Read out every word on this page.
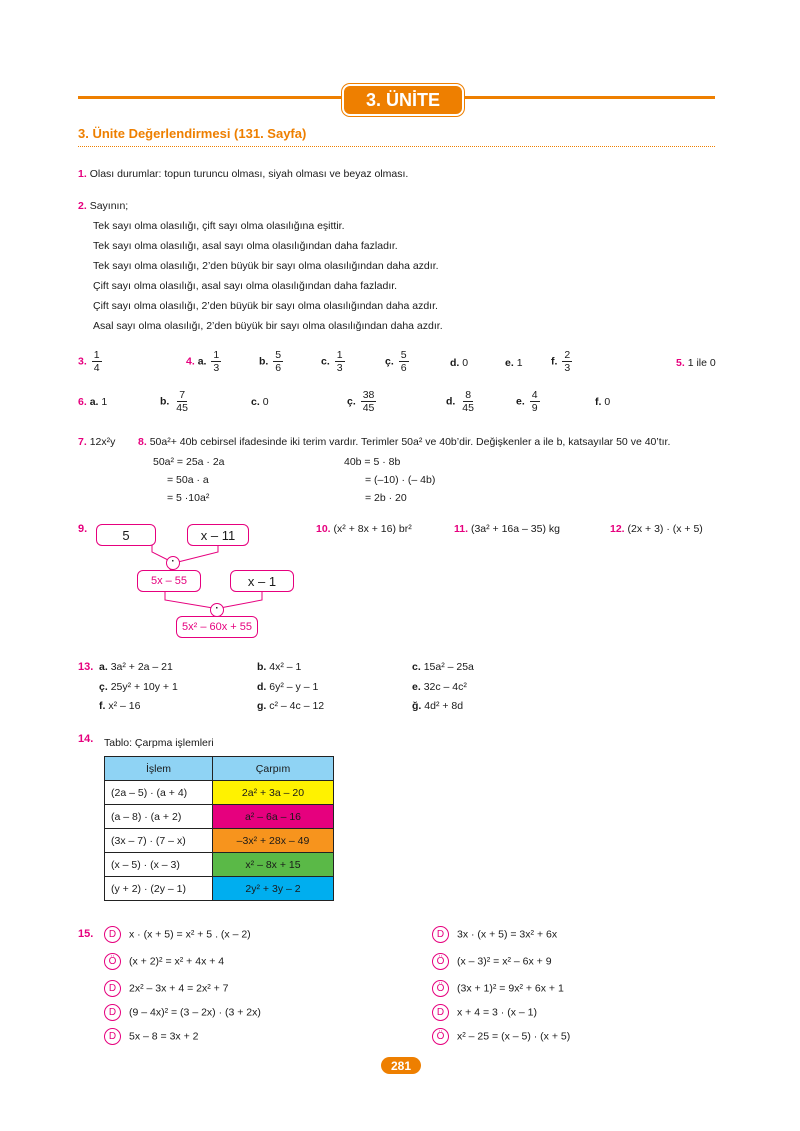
3. ÜNİTE
3. Ünite Değerlendirmesi (131. Sayfa)
1. Olası durumlar: topun turuncu olması, siyah olması ve beyaz olması.
2. Sayının;
Tek sayı olma olasılığı, çift sayı olma olasılığına eşittir.
Tek sayı olma olasılığı, asal sayı olma olasılığından daha fazladır.
Tek sayı olma olasılığı, 2’den büyük bir sayı olma olasılığından daha azdır.
Çift sayı olma olasılığı, asal sayı olma olasılığından daha fazladır.
Çift sayı olma olasılığı, 2’den büyük bir sayı olma olasılığından daha azdır.
Asal sayı olma olasılığı, 2’den büyük bir sayı olma olasılığından daha azdır.
3. $\frac{1}{4}$	4. a. $\frac{1}{3}$	b. $\frac{5}{6}$	c. $\frac{1}{3}$	ç. $\frac{5}{6}$	d. 0	e. 1	f. $\frac{2}{3}$	5. 1 ile 0
6. a. 1	b. $\frac{7}{45}$	c. 0	ç. $\frac{38}{45}$	d. $\frac{8}{45}$	e. $\frac{4}{9}$	f. 0
7. 12x²y 8. 50a²+ 40b cebirsel ifadesinde iki terim vardır. Terimler 50a² ve 40b’dir. Değişkenler a ile b, katsayılar 50 ve 40’tır.
50a² = 25a · 2a
= 50a · a
= 5 ·10a²
40b = 5 · 8b
= (–10) · (– 4b)
= 2b · 20
9.	5	x – 11
·
5x – 55	x – 1
·
5x² – 60x + 55
10. (x² + 8x + 16) br²	11. (3a² + 16a – 35) kg	12. (2x + 3) · (x + 5)
13. a. 3a² + 2a – 21	b. 4x² – 1	c. 15a² – 25a
ç. 25y² + 10y + 1	d. 6y² – y – 1	e. 32c – 4c²
f. x² – 16	g. c² – 4c – 12	ğ. 4d² + 8d
14. Tablo: Çarpma işlemleri
İşlem	Çarpım
(2a – 5) · (a + 4)	2a² + 3a – 20
(a – 8) · (a + 2)	a² – 6a – 16
(3x – 7) · (7 – x)	–3x² + 28x – 49
(x – 5) · (x – 3)	x² – 8x + 15
(y + 2) · (2y – 1)	2y² + 3y – 2
15.	D x · (x + 5) = x² + 5 . (x – 2)
Ö (x + 2)² = x² + 4x + 4
D 2x² – 3x + 4 = 2x² + 7
D (9 – 4x)² = (3 – 2x) · (3 + 2x)
D 5x – 8 = 3x + 2
D 3x · (x + 5) = 3x² + 6x
Ö (x – 3)² = x² – 6x + 9
Ö (3x + 1)² = 9x² + 6x + 1
D x + 4 = 3 · (x – 1)
Ö x² – 25 = (x – 5) · (x + 5)
281
